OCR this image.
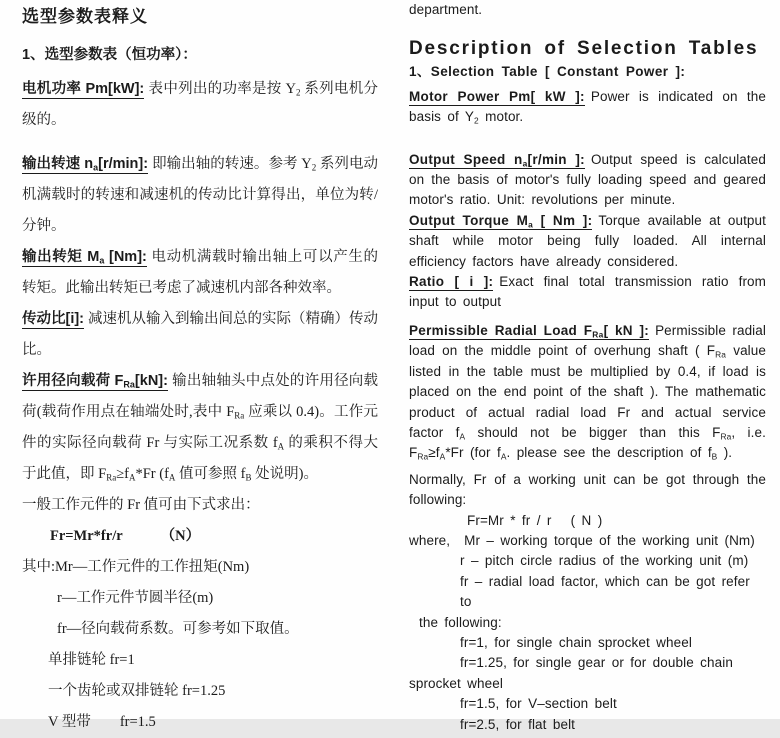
选型参数表释义
1、选型参数表（恒功率）：

电机功率 Pm[kW]: 表中列出的功率是按 $Y_2$ 系列电机分级的。

输出转速 $n_a[r/\min]$: 即输出轴的转速。参考 $Y_2$ 系列电动机满载时的转速和减速机的传动比计算得出，单位为转/分钟。

输出转矩 $M_a$ [Nm]: 电动机满载时输出轴上可以产生的转矩。此输出转矩已考虑了减速机内部各种效率。

传动比[i]: 减速机从输入到输出间总的实际（精确）传动比。

许用径向载荷 $F_{Ra}[kN]$: 输出轴轴头中点处的许用径向载荷(载荷作用点在轴端处时,表中 $F_{Ra}$ 应乘以 0.4)。工作元件的实际径向载荷 Fr 与实际工况系数 $f_A$ 的乘积不得大于此值，即 $F_{Ra}\ge f_A*Fr$ ($f_A$ 值可参照 $f_B$ 处说明)。

一般工作元件的 Fr 值可由下式求出：

Fr=Mr*fr/r	（N）

其中:Mr—工作元件的工作扭矩(Nm)

r—工作元件节圆半径(m)

fr—径向载荷系数。可参考如下取值。

单排链轮 fr=1

一个齿轮或双排链轮 fr=1.25

V 型带　　fr=1.5

department.

Description of Selection Tables
1、Selection Table [ Constant Power ]:

Motor Power Pm[ kW ]: Power is indicated on the basis of $Y_2$ motor.

Output Speed $n_a[r/\min$ ]: Output speed is calculated on the basis of motor's fully loading speed and geared motor's ratio. Unit: revolutions per minute.

Output Torque $M_a$ [ Nm ]: Torque available at output shaft while motor being fully loaded. All internal efficiency factors have already considered.

Ratio [ i ]: Exact final total transmission ratio from input to output

Permissible Radial Load $F_{Ra}$[ kN ]: Permissible radial load on the middle point of overhung shaft ( $F_{Ra}$ value listed in the table must be multiplied by 0.4, if load is placed on the end point of the shaft ). The mathematic product of actual radial load Fr and actual service factor $f_A$ should not be bigger than this $F_{Ra}$, i.e. $F_{Ra}\ge f_A*Fr$ (for $f_A$. please see the description of $f_B$ ).

Normally, Fr of a working unit can be got through the following:

Fr=Mr * fr / r   ( N )

where, Mr – working torque of the working unit (Nm)

r – pitch circle radius of the working unit (m)

fr – radial load factor, which can be got refer to

the following:

fr=1, for single chain sprocket wheel

fr=1.25, for single gear or for double chain sprocket wheel

fr=1.5, for V–section belt

fr=2.5, for flat belt
